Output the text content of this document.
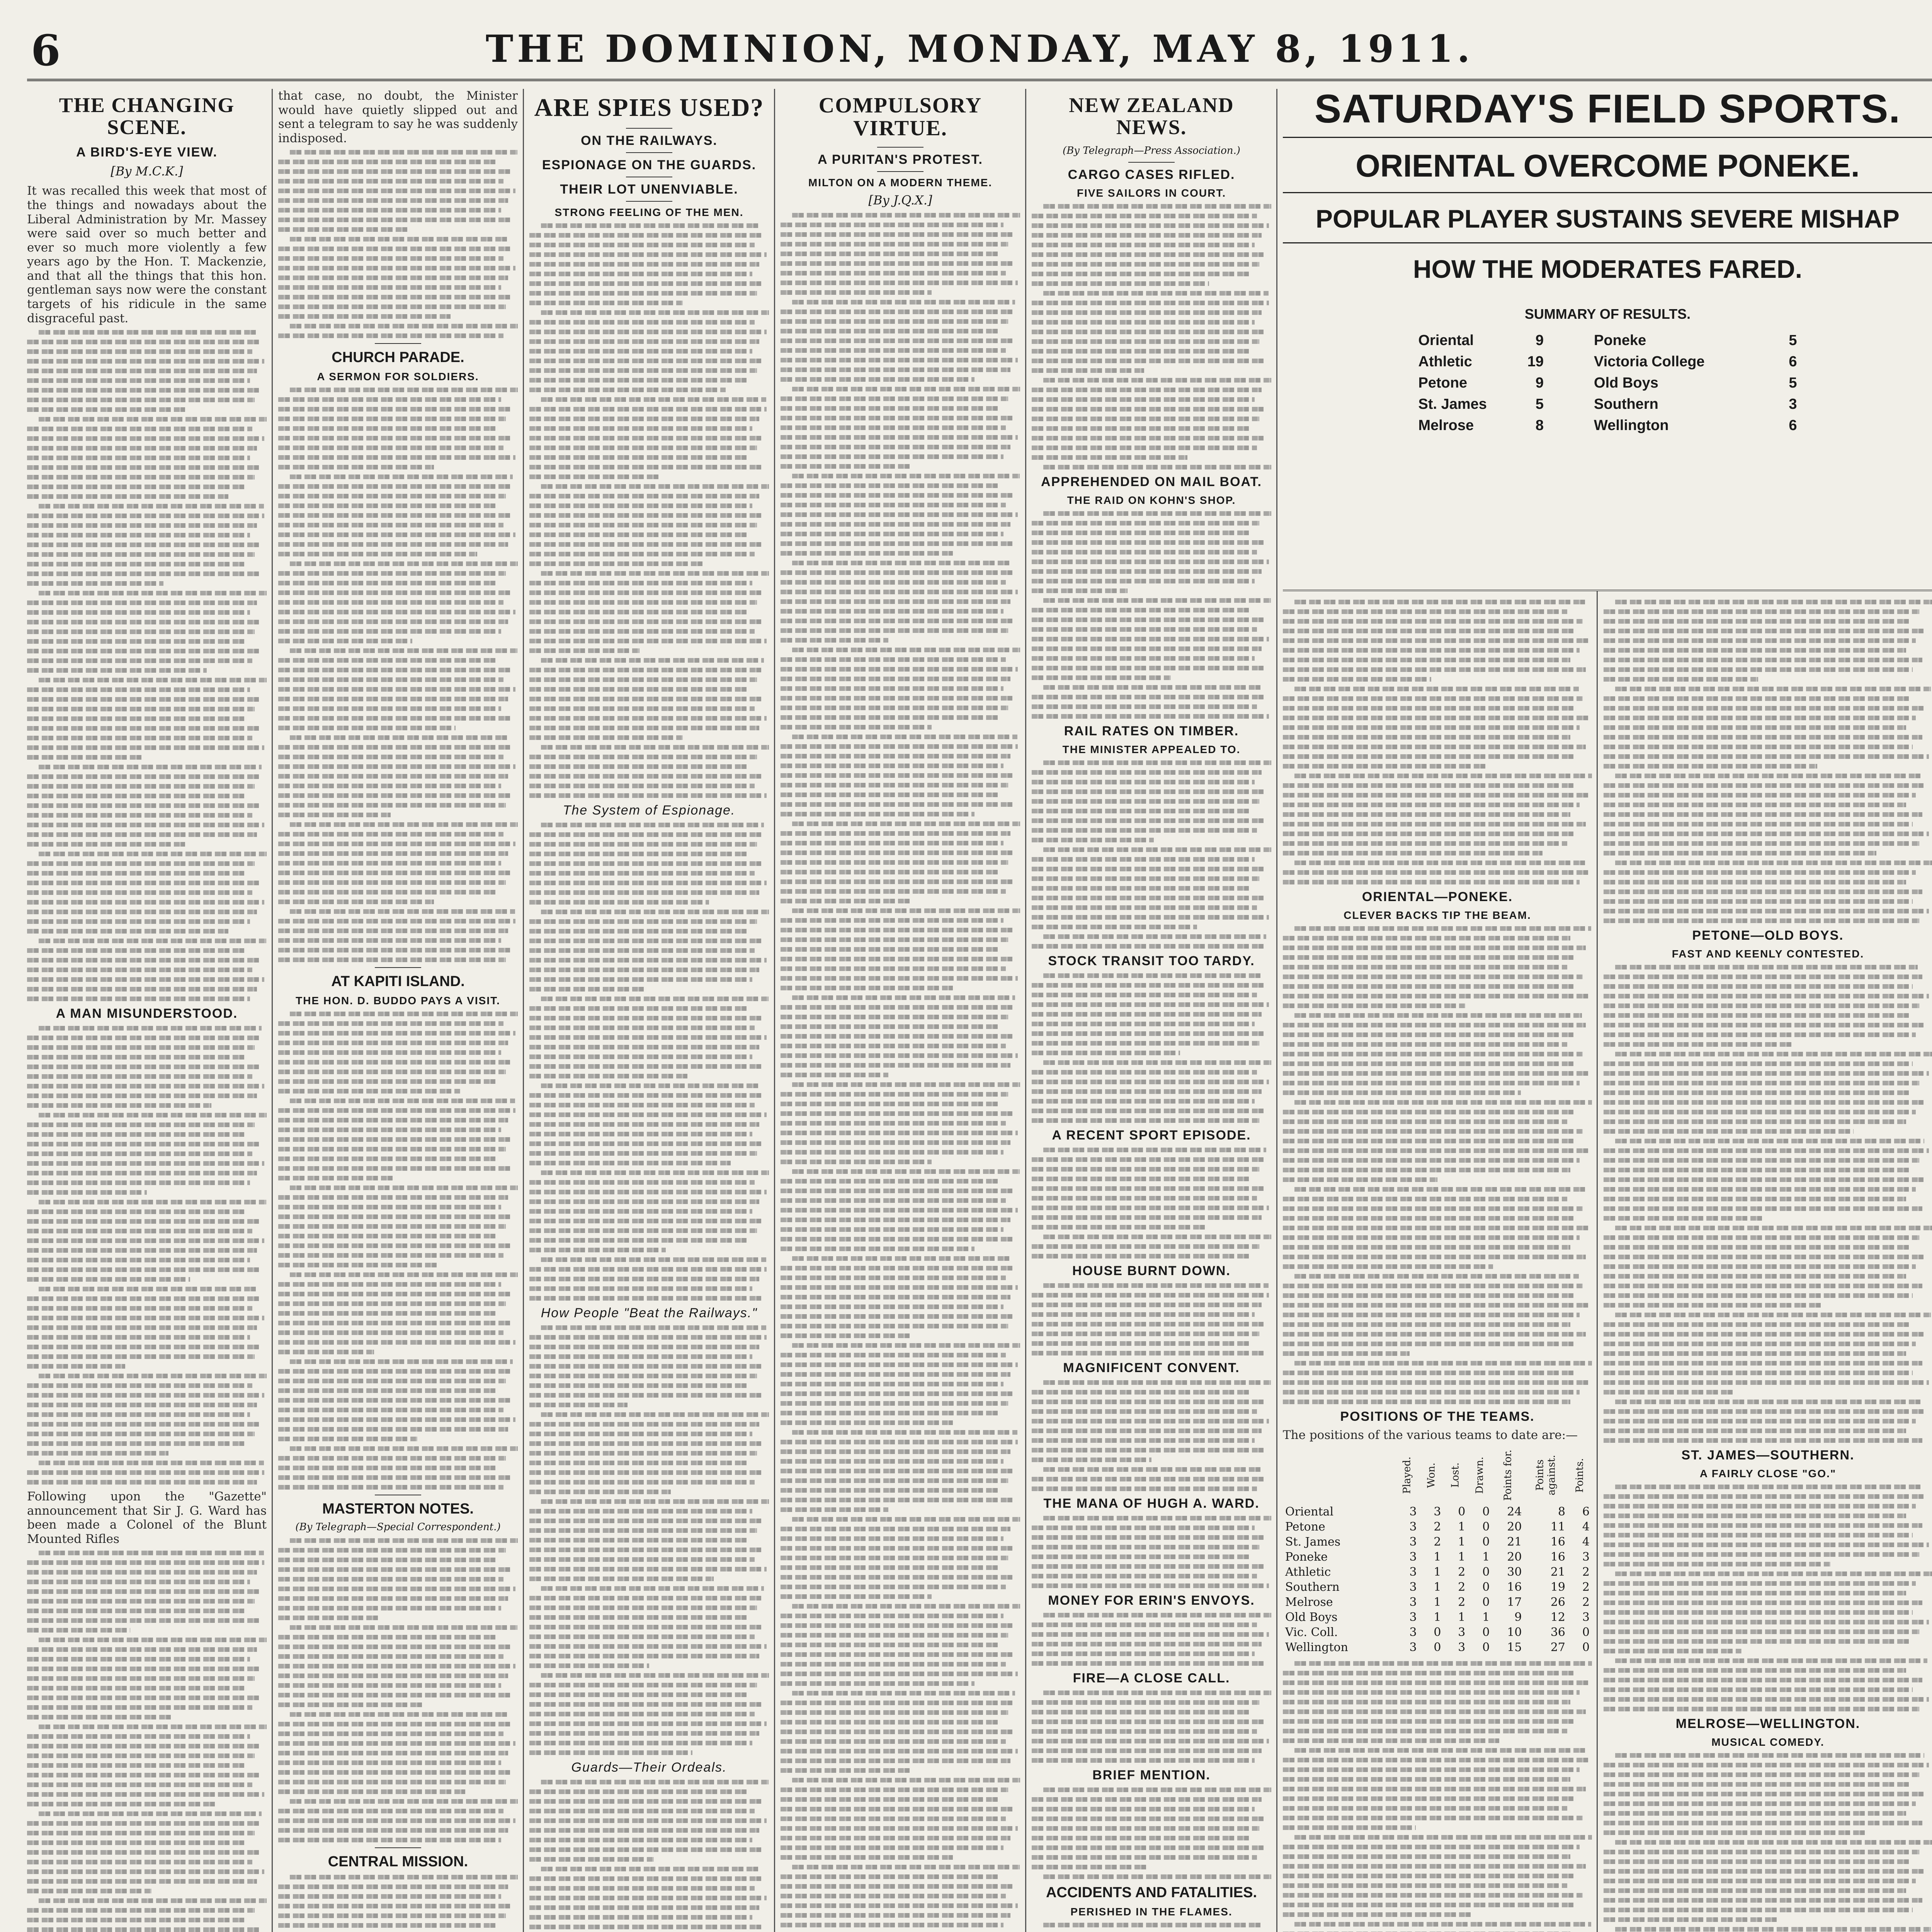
6	THE DOMINION, MONDAY, MAY 8, 1911.
THE CHANGING SCENE.
A BIRD'S-EYE VIEW.
[By M.C.K.]
It was recalled this week that most of the things and nowadays about the Liberal Administration by Mr. Massey were said over so much better and ever so much more violently a few years ago by the Hon. T. Mackenzie, and that all the things that this hon. gentleman says now were the constant targets of his ridicule in the same disgraceful past.
A MAN MISUNDERSTOOD.
Following upon the "Gazette" announcement that Sir J. G. Ward has been made a Colonel of the Blunt Mounted Rifles
that case, no doubt, the Minister would have quietly slipped out and sent a telegram to say he was suddenly indisposed.
CHURCH PARADE.
A SERMON FOR SOLDIERS.
AT KAPITI ISLAND.
THE HON. D. BUDDO PAYS A VISIT.
MASTERTON NOTES.
(By Telegraph—Special Correspondent.)
CENTRAL MISSION.
ARE SPIES USED?
ON THE RAILWAYS.
ESPIONAGE ON THE GUARDS.
THEIR LOT UNENVIABLE.
STRONG FEELING OF THE MEN.
The System of Espionage.
How People "Beat the Railways."
Guards—Their Ordeals.
COMPULSORY VIRTUE.
A PURITAN'S PROTEST.
MILTON ON A MODERN THEME.
[By J.Q.X.]
NEW ZEALAND NEWS.
(By Telegraph—Press Association.)
CARGO CASES RIFLED.
FIVE SAILORS IN COURT.
APPREHENDED ON MAIL BOAT.
THE RAID ON KOHN'S SHOP.
RAIL RATES ON TIMBER.
THE MINISTER APPEALED TO.
STOCK TRANSIT TOO TARDY.
A RECENT SPORT EPISODE.
HOUSE BURNT DOWN.
MAGNIFICENT CONVENT.
THE MANA OF HUGH A. WARD.
MONEY FOR ERIN'S ENVOYS.
FIRE—A CLOSE CALL.
BRIEF MENTION.
ACCIDENTS AND FATALITIES.
PERISHED IN THE FLAMES.
SATURDAY'S FIELD SPORTS.
ORIENTAL OVERCOME PONEKE.
POPULAR PLAYER SUSTAINS SEVERE MISHAP
HOW THE MODERATES FARED.
SUMMARY OF RESULTS.
Oriental	9	Poneke	5
Athletic	19	Victoria College	6
Petone	9	Old Boys	5
St. James	5	Southern	3
Melrose	8	Wellington	6
ORIENTAL—PONEKE.
CLEVER BACKS TIP THE BEAM.
POSITIONS OF THE TEAMS.
The positions of the various teams to date are:—
	Played.	Won.	Lost.	Drawn.	Points for.	Points against.	Points.
Oriental	3	3	0	0	24	8	6
Petone	3	2	1	0	20	11	4
St. James	3	2	1	0	21	16	4
Poneke	3	1	1	1	20	16	3
Athletic	3	1	2	0	30	21	2
Southern	3	1	2	0	16	19	2
Melrose	3	1	2	0	17	26	2
Old Boys	3	1	1	1	9	12	3
Vic. Coll.	3	0	3	0	10	36	0
Wellington	3	0	3	0	15	27	0
PETONE—OLD BOYS.
FAST AND KEENLY CONTESTED.
ST. JAMES—SOUTHERN.
A FAIRLY CLOSE "GO."
MELROSE—WELLINGTON.
MUSICAL COMEDY.
